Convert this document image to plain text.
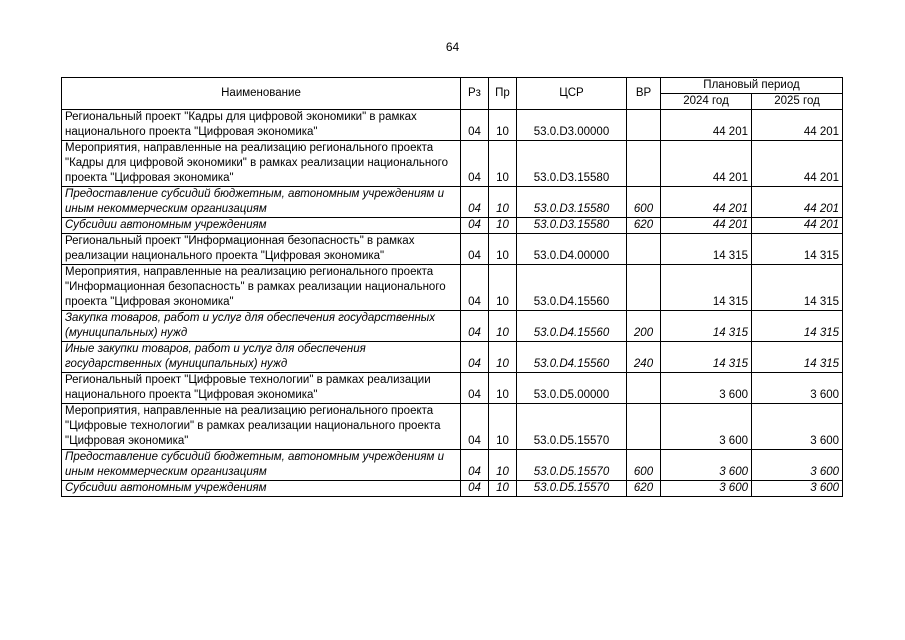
64
Наименование	Рз	Пр	ЦСР	ВР	Плановый период	
					2024 год	2025 год
Региональный проект "Кадры для цифровой экономики" в рамках национального проекта "Цифровая экономика"	04	10	53.0.D3.00000		44 201	44 201
Мероприятия, направленные на реализацию регионального проекта "Кадры для цифровой экономики" в рамках реализации национального проекта "Цифровая экономика"	04	10	53.0.D3.15580		44 201	44 201
Предоставление субсидий бюджетным, автономным учреждениям и иным некоммерческим организациям	04	10	53.0.D3.15580	600	44 201	44 201
Субсидии автономным учреждениям	04	10	53.0.D3.15580	620	44 201	44 201
Региональный проект "Информационная безопасность" в рамках реализации национального проекта "Цифровая экономика"	04	10	53.0.D4.00000		14 315	14 315
Мероприятия, направленные на реализацию регионального проекта "Информационная безопасность" в рамках реализации национального проекта "Цифровая экономика"	04	10	53.0.D4.15560		14 315	14 315
Закупка товаров, работ и услуг для обеспечения государственных (муниципальных) нужд	04	10	53.0.D4.15560	200	14 315	14 315
Иные закупки товаров, работ и услуг для обеспечения государственных (муниципальных) нужд	04	10	53.0.D4.15560	240	14 315	14 315
Региональный проект "Цифровые технологии" в рамках реализации национального проекта "Цифровая экономика"	04	10	53.0.D5.00000		3 600	3 600
Мероприятия, направленные на реализацию регионального проекта "Цифровые технологии" в рамках реализации национального проекта "Цифровая экономика"	04	10	53.0.D5.15570		3 600	3 600
Предоставление субсидий бюджетным, автономным учреждениям и иным некоммерческим организациям	04	10	53.0.D5.15570	600	3 600	3 600
Субсидии автономным учреждениям	04	10	53.0.D5.15570	620	3 600	3 600
